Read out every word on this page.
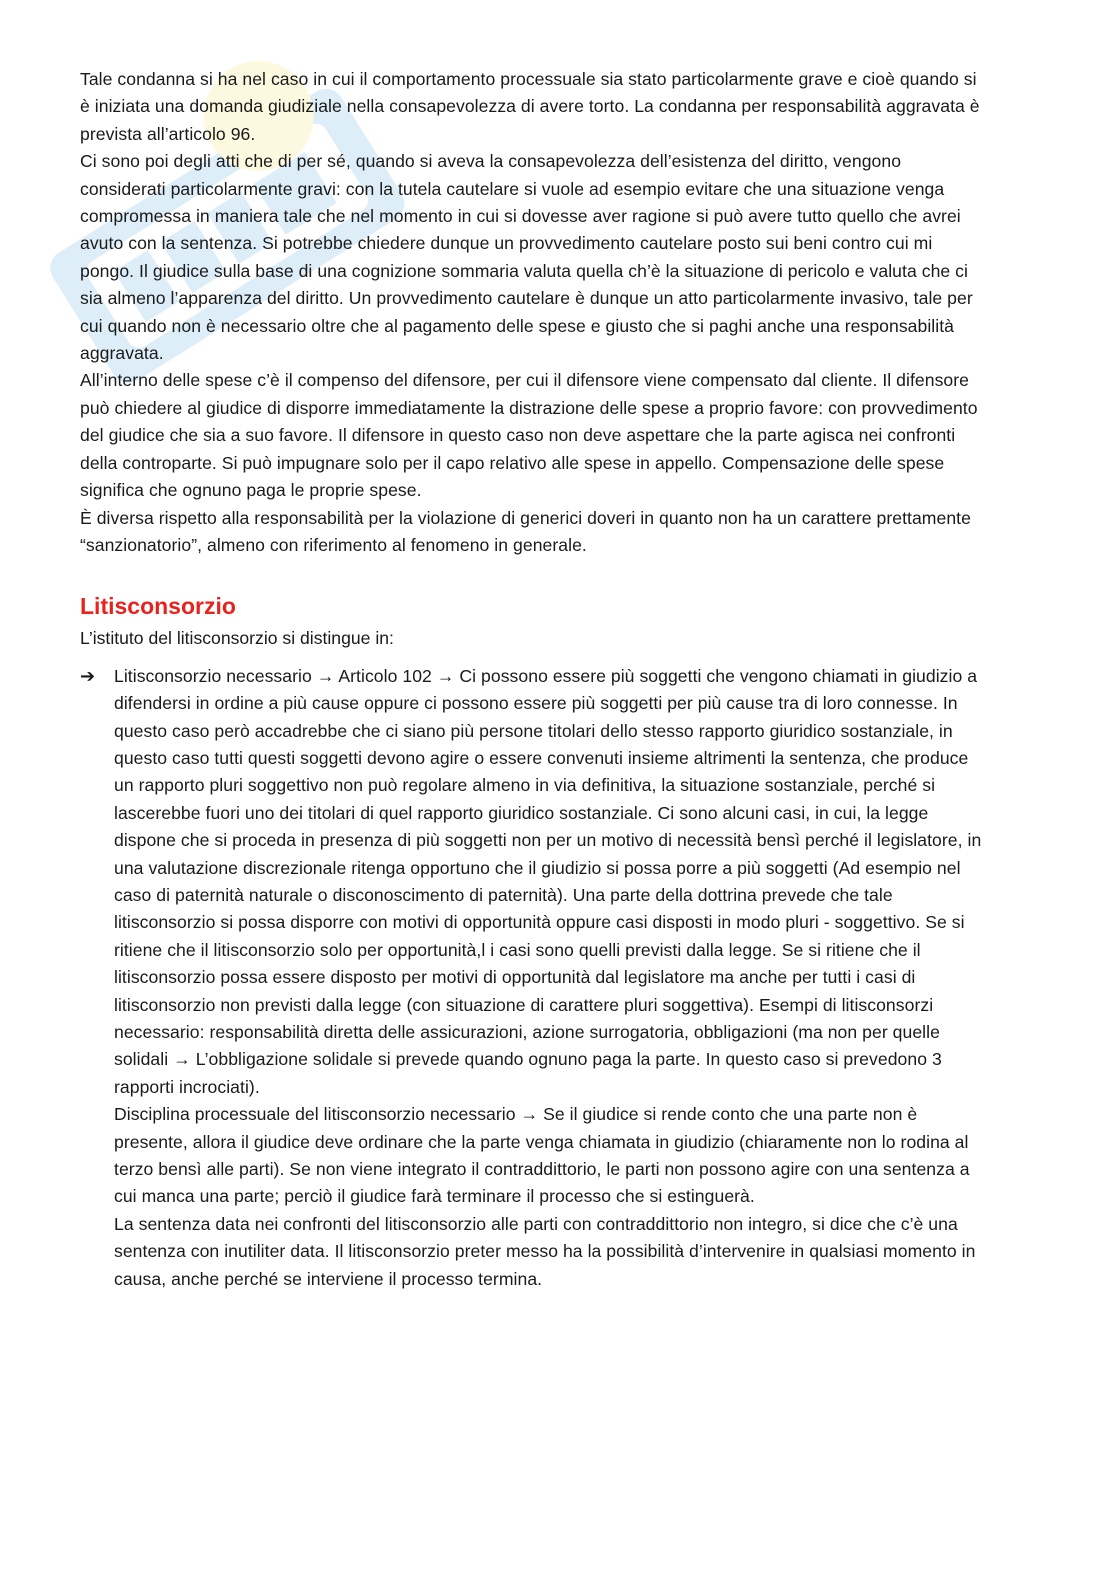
Tale condanna si ha nel caso in cui il comportamento processuale sia stato particolarmente grave e cioè quando si è iniziata una domanda giudiziale nella consapevolezza di avere torto. La condanna per responsabilità aggravata è prevista all’articolo 96.

Ci sono poi degli atti che di per sé, quando si aveva la consapevolezza dell’esistenza del diritto, vengono considerati particolarmente gravi: con la tutela cautelare si vuole ad esempio evitare che una situazione venga compromessa in maniera tale che nel momento in cui si dovesse aver ragione si può avere tutto quello che avrei avuto con la sentenza. Si potrebbe chiedere dunque un provvedimento cautelare posto sui beni contro cui mi pongo. Il giudice sulla base di una cognizione sommaria valuta quella ch’è la situazione di pericolo e valuta che ci sia almeno l’apparenza del diritto. Un provvedimento cautelare è dunque un atto particolarmente invasivo, tale per cui quando non è necessario oltre che al pagamento delle spese e giusto che si paghi anche una responsabilità aggravata.

All’interno delle spese c’è il compenso del difensore, per cui il difensore viene compensato dal cliente. Il difensore può chiedere al giudice di disporre immediatamente la distrazione delle spese a proprio favore: con provvedimento del giudice che sia a suo favore. Il difensore in questo caso non deve aspettare che la parte agisca nei confronti della controparte. Si può impugnare solo per il capo relativo alle spese in appello. Compensazione delle spese significa che ognuno paga le proprie spese.

È diversa rispetto alla responsabilità per la violazione di generici doveri in quanto non ha un carattere prettamente “sanzionatorio”, almeno con riferimento al fenomeno in generale.

Litisconsorzio

L’istituto del litisconsorzio si distingue in:

➔	Litisconsorzio necessario → Articolo 102 → Ci possono essere più soggetti che vengono chiamati in giudizio a difendersi in ordine a più cause oppure ci possono essere più soggetti per più cause tra di loro connesse. In questo caso però accadrebbe che ci siano più persone titolari dello stesso rapporto giuridico sostanziale, in questo caso tutti questi soggetti devono agire o essere convenuti insieme altrimenti la sentenza, che produce un rapporto pluri soggettivo non può regolare almeno in via definitiva, la situazione sostanziale, perché si lascerebbe fuori uno dei titolari di quel rapporto giuridico sostanziale. Ci sono alcuni casi, in cui, la legge dispone che si proceda in presenza di più soggetti non per un motivo di necessità bensì perché il legislatore, in una valutazione discrezionale ritenga opportuno che il giudizio si possa porre a più soggetti (Ad esempio nel caso di paternità naturale o disconoscimento di paternità). Una parte della dottrina prevede che tale litisconsorzio si possa disporre con motivi di opportunità oppure casi disposti in modo pluri - soggettivo. Se si ritiene che il litisconsorzio solo per opportunità,l i casi sono quelli previsti dalla legge. Se si ritiene che il litisconsorzio possa essere disposto per motivi di opportunità dal legislatore ma anche per tutti i casi di litisconsorzio non previsti dalla legge (con situazione di carattere pluri soggettiva). Esempi di litisconsorzi necessario: responsabilità diretta delle assicurazioni, azione surrogatoria, obbligazioni (ma non per quelle solidali → L’obbligazione solidale si prevede quando ognuno paga la parte. In questo caso si prevedono 3 rapporti incrociati).

Disciplina processuale del litisconsorzio necessario → Se il giudice si rende conto che una parte non è presente, allora il giudice deve ordinare che la parte venga chiamata in giudizio (chiaramente non lo rodina al terzo bensì alle parti). Se non viene integrato il contraddittorio, le parti non possono agire con una sentenza a cui manca una parte; perciò il giudice farà terminare il processo che si estinguerà.

La sentenza data nei confronti del litisconsorzio alle parti con contraddittorio non integro, si dice che c’è una sentenza con inutiliter data. Il litisconsorzio preter messo ha la possibilità d’intervenire in qualsiasi momento in causa, anche perché se interviene il processo termina.
